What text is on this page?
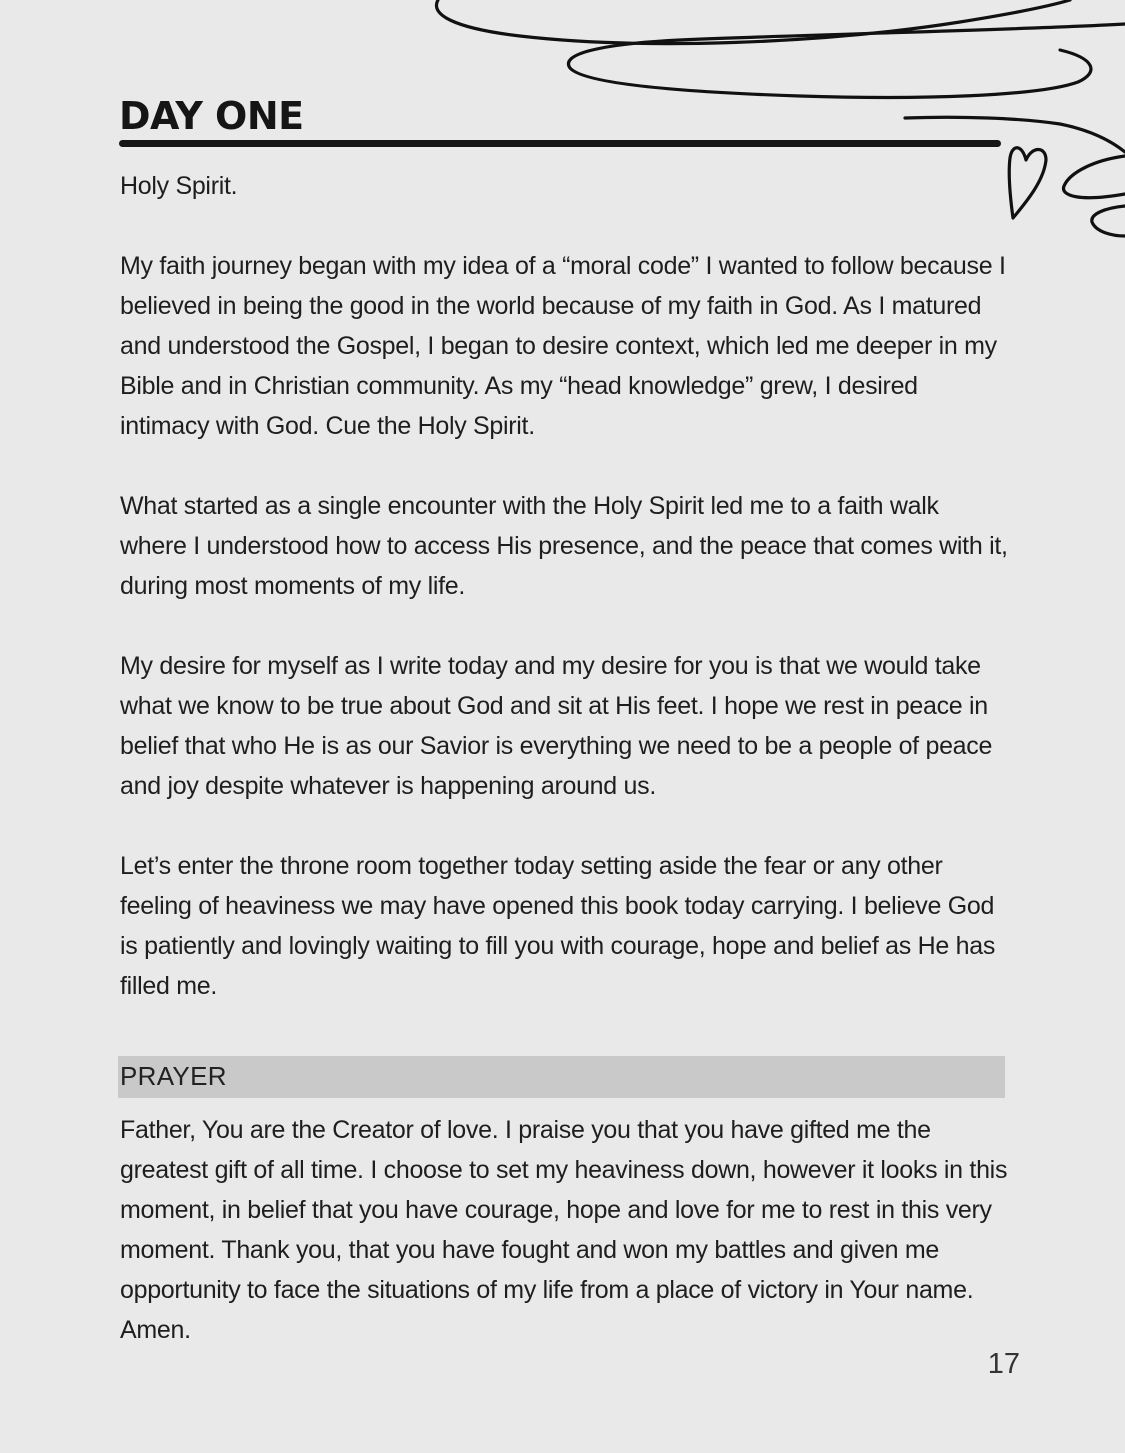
DAY ONE

Holy Spirit.

My faith journey began with my idea of a “moral code” I wanted to follow because I believed in being the good in the world because of my faith in God. As I matured and understood the Gospel, I began to desire context, which led me deeper in my Bible and in Christian community. As my “head knowledge” grew, I desired intimacy with God. Cue the Holy Spirit.

What started as a single encounter with the Holy Spirit led me to a faith walk where I understood how to access His presence, and the peace that comes with it, during most moments of my life.

My desire for myself as I write today and my desire for you is that we would take what we know to be true about God and sit at His feet. I hope we rest in peace in belief that who He is as our Savior is everything we need to be a people of peace and joy despite whatever is happening around us.

Let’s enter the throne room together today setting aside the fear or any other feeling of heaviness we may have opened this book today carrying. I believe God is patiently and lovingly waiting to fill you with courage, hope and belief as He has filled me.

PRAYER

Father, You are the Creator of love. I praise you that you have gifted me the greatest gift of all time. I choose to set my heaviness down, however it looks in this moment, in belief that you have courage, hope and love for me to rest in this very moment. Thank you, that you have fought and won my battles and given me opportunity to face the situations of my life from a place of victory in Your name. Amen.

17
